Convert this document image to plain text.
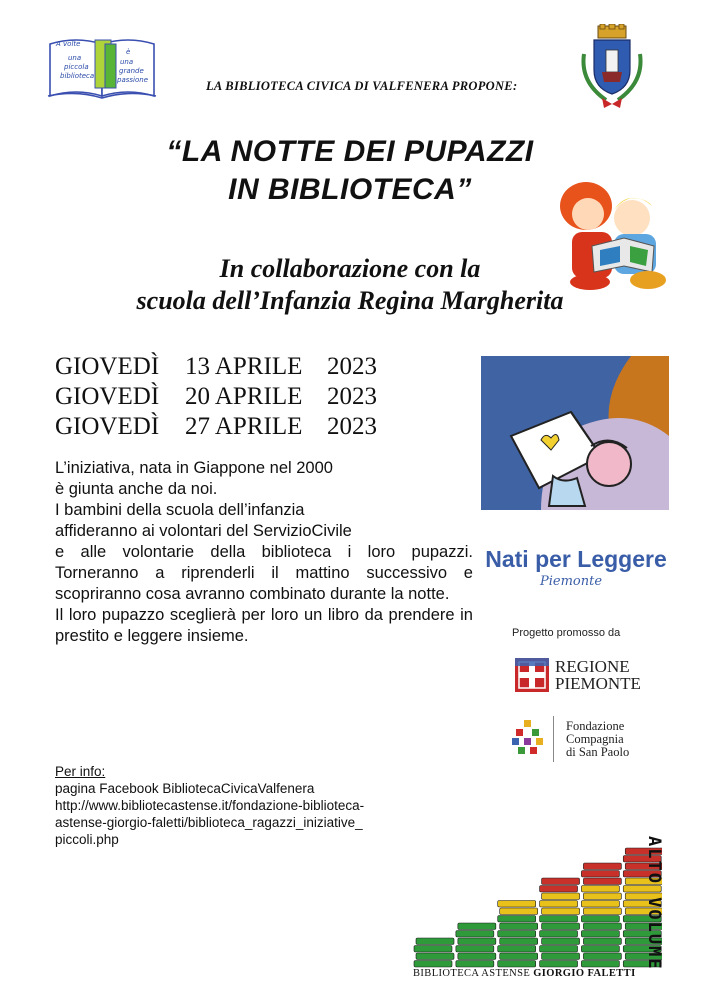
A volte
una
piccola
biblioteca
è
una
grande
passione	LA BIBLIOTECA CIVICA DI VALFENERA PROPONE:
“LA NOTTE DEI PUPAZZI
IN BIBLIOTECA”
In collaborazione con la
scuola dell’Infanzia Regina Margherita
GIOVEDÌ 13 APRILE 2023
GIOVEDÌ 20 APRILE 2023
GIOVEDÌ 27 APRILE 2023

L’iniziativa, nata in Giappone nel 2000

è giunta anche da noi.

I bambini della scuola dell’infanzia

affideranno ai volontari del ServizioCivile

e alle volontarie della biblioteca i loro pupazzi. Torneranno a riprenderli il mattino successivo e scopriranno cosa avranno combinato durante la notte.

Il loro pupazzo sceglierà per loro un libro da prendere in prestito e leggere insieme.

Nati per Leggere
Piemonte
Progetto promosso da
REGIONE
PIEMONTE
Fondazione
Compagnia
di San Paolo
Per info:
pagina Facebook BibliotecaCivicaValfenera
http://www.bibliotecastense.it/fondazione-biblioteca-
astense-giorgio-faletti/biblioteca_ragazzi_iniziative_
piccoli.php	ALTO VOLUME
BIBLIOTECA ASTENSE GIORGIO FALETTI
